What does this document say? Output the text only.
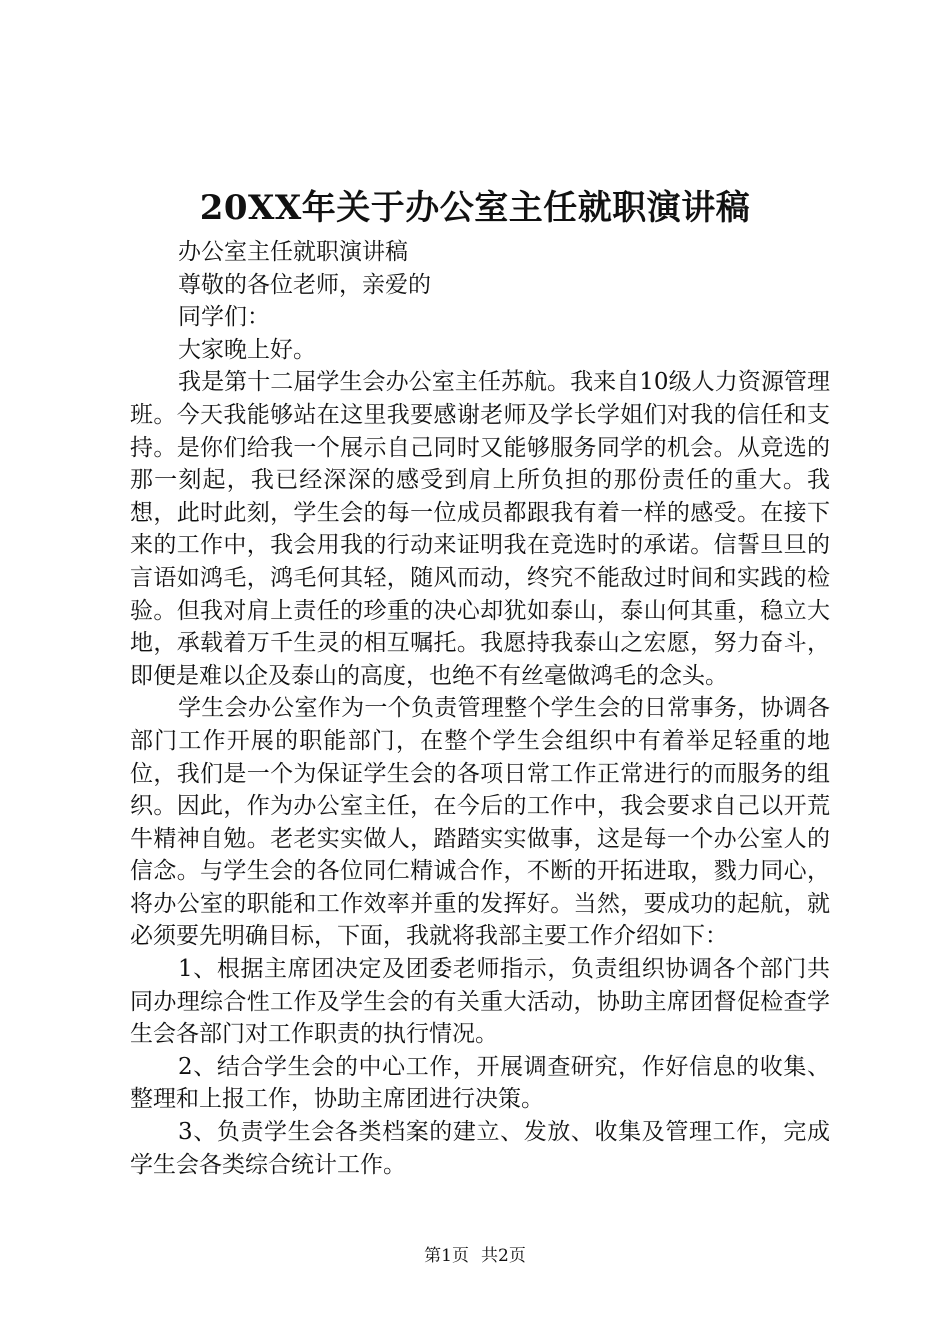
20XX年关于办公室主任就职演讲稿

办公室主任就职演讲稿

尊敬的各位老师，亲爱的

同学们：

大家晚上好。

我是第十二届学生会办公室主任苏航。我来自10级人力资源管理班。今天我能够站在这里我要感谢老师及学长学姐们对我的信任和支持。是你们给我一个展示自己同时又能够服务同学的机会。从竞选的那一刻起，我已经深深的感受到肩上所负担的那份责任的重大。我想，此时此刻，学生会的每一位成员都跟我有着一样的感受。在接下来的工作中，我会用我的行动来证明我在竞选时的承诺。信誓旦旦的言语如鸿毛，鸿毛何其轻，随风而动，终究不能敌过时间和实践的检验。但我对肩上责任的珍重的决心却犹如泰山，泰山何其重，稳立大地，承载着万千生灵的相互嘱托。我愿持我泰山之宏愿，努力奋斗，即便是难以企及泰山的高度，也绝不有丝毫做鸿毛的念头。

学生会办公室作为一个负责管理整个学生会的日常事务，协调各部门工作开展的职能部门，在整个学生会组织中有着举足轻重的地位，我们是一个为保证学生会的各项日常工作正常进行的而服务的组织。因此，作为办公室主任，在今后的工作中，我会要求自己以开荒牛精神自勉。老老实实做人，踏踏实实做事，这是每一个办公室人的信念。与学生会的各位同仁精诚合作，不断的开拓进取，戮力同心，将办公室的职能和工作效率并重的发挥好。当然，要成功的起航，就必须要先明确目标，下面，我就将我部主要工作介绍如下：

1、根据主席团决定及团委老师指示，负责组织协调各个部门共同办理综合性工作及学生会的有关重大活动，协助主席团督促检查学生会各部门对工作职责的执行情况。

2、结合学生会的中心工作，开展调查研究，作好信息的收集、整理和上报工作，协助主席团进行决策。

3、负责学生会各类档案的建立、发放、收集及管理工作，完成学生会各类综合统计工作。

第1页 共2页
